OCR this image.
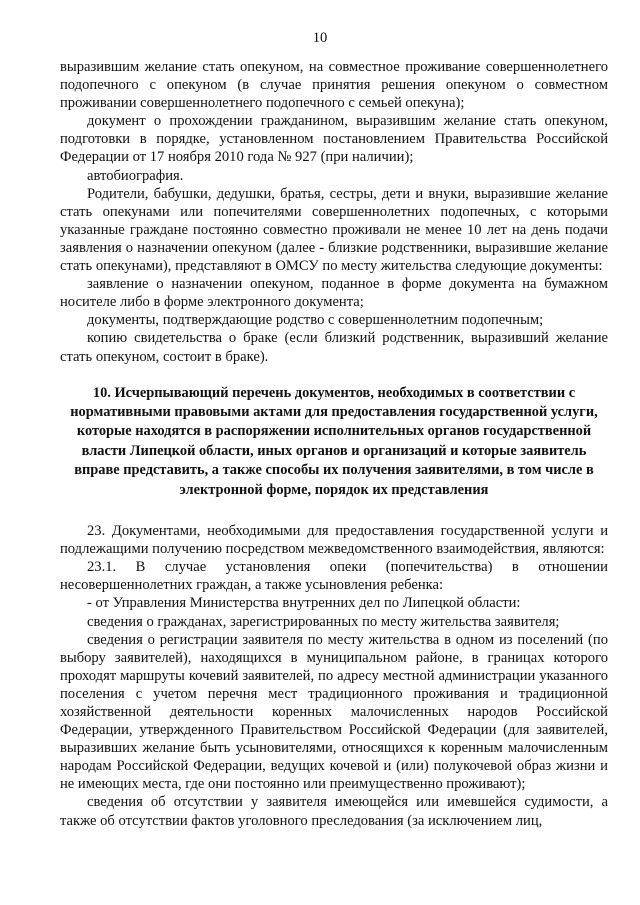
10

выразившим желание стать опекуном, на совместное проживание совершеннолетнего подопечного с опекуном (в случае принятия решения опекуном о совместном проживании совершеннолетнего подопечного с семьей опекуна);

документ о прохождении гражданином, выразившим желание стать опекуном, подготовки в порядке, установленном постановлением Правительства Российской Федерации от 17 ноября 2010 года № 927 (при наличии);

автобиография.

Родители, бабушки, дедушки, братья, сестры, дети и внуки, выразившие желание стать опекунами или попечителями совершеннолетних подопечных, с которыми указанные граждане постоянно совместно проживали не менее 10 лет на день подачи заявления о назначении опекуном (далее - близкие родственники, выразившие желание стать опекунами), представляют в ОМСУ по месту жительства следующие документы:

заявление о назначении опекуном, поданное в форме документа на бумажном носителе либо в форме электронного документа;

документы, подтверждающие родство с совершеннолетним подопечным;

копию свидетельства о браке (если близкий родственник, выразивший желание стать опекуном, состоит в браке).

10. Исчерпывающий перечень документов, необходимых в соответствии с нормативными правовыми актами для предоставления государственной услуги, которые находятся в распоряжении исполнительных органов государственной власти Липецкой области, иных органов и организаций и которые заявитель вправе представить, а также способы их получения заявителями, в том числе в электронной форме, порядок их представления

23. Документами, необходимыми для предоставления государственной услуги и подлежащими получению посредством межведомственного взаимодействия, являются:

23.1. В случае установления опеки (попечительства) в отношении несовершеннолетних граждан, а также усыновления ребенка:

- от Управления Министерства внутренних дел по Липецкой области:

сведения о гражданах, зарегистрированных по месту жительства заявителя;

сведения о регистрации заявителя по месту жительства в одном из поселений (по выбору заявителей), находящихся в муниципальном районе, в границах которого проходят маршруты кочевий заявителей, по адресу местной администрации указанного поселения с учетом перечня мест традиционного проживания и традиционной хозяйственной деятельности коренных малочисленных народов Российской Федерации, утвержденного Правительством Российской Федерации (для заявителей, выразивших желание быть усыновителями, относящихся к коренным малочисленным народам Российской Федерации, ведущих кочевой и (или) полукочевой образ жизни и не имеющих места, где они постоянно или преимущественно проживают);

сведения об отсутствии у заявителя имеющейся или имевшейся судимости, а также об отсутствии фактов уголовного преследования (за исключением лиц,
